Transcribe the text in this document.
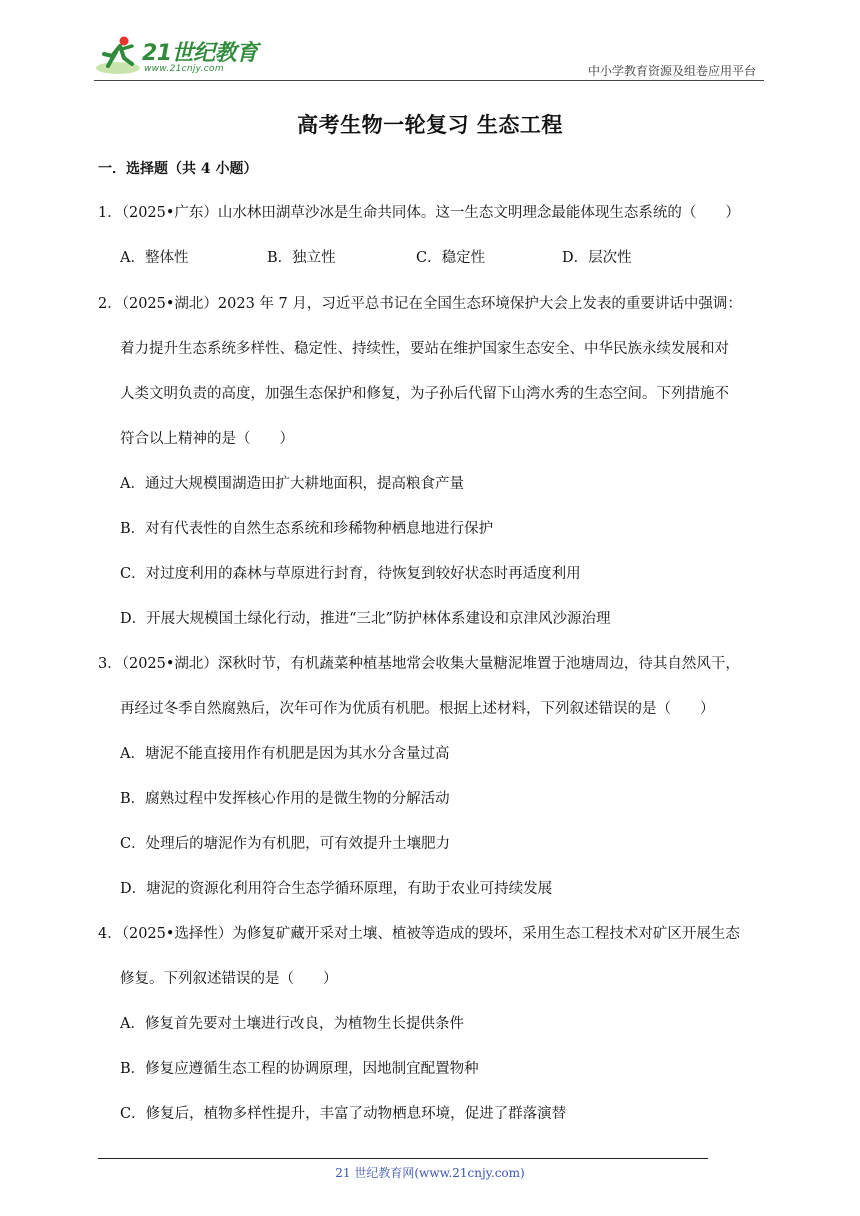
21世纪教育
www.21cnjy.com	中小学教育资源及组卷应用平台
高考生物一轮复习 生态工程
一．选择题（共 4 小题）
1．（2025•广东）山水林田湖草沙冰是生命共同体。这一生态文明理念最能体现生态系统的（　　）
A．整体性	B．独立性	C．稳定性	D．层次性
2．（2025•湖北）2023 年 7 月，习近平总书记在全国生态环境保护大会上发表的重要讲话中强调：
着力提升生态系统多样性、稳定性、持续性，要站在维护国家生态安全、中华民族永续发展和对
人类文明负责的高度，加强生态保护和修复，为子孙后代留下山湾水秀的生态空间。下列措施不
符合以上精神的是（　　）
A．通过大规模围湖造田扩大耕地面积，提高粮食产量
B．对有代表性的自然生态系统和珍稀物种栖息地进行保护
C．对过度利用的森林与草原进行封育，待恢复到较好状态时再适度利用
D．开展大规模国土绿化行动，推进“三北”防护林体系建设和京津风沙源治理
3．（2025•湖北）深秋时节，有机蔬菜种植基地常会收集大量糖泥堆置于池塘周边，待其自然风干，
再经过冬季自然腐熟后，次年可作为优质有机肥。根据上述材料，下列叙述错误的是（　　）
A．塘泥不能直接用作有机肥是因为其水分含量过高
B．腐熟过程中发挥核心作用的是微生物的分解活动
C．处理后的塘泥作为有机肥，可有效提升土壤肥力
D．塘泥的资源化利用符合生态学循环原理，有助于农业可持续发展
4．（2025•选择性）为修复矿藏开采对土壤、植被等造成的毁坏，采用生态工程技术对矿区开展生态
修复。下列叙述错误的是（　　）
A．修复首先要对土壤进行改良，为植物生长提供条件
B．修复应遵循生态工程的协调原理，因地制宜配置物种
C．修复后，植物多样性提升，丰富了动物栖息环境，促进了群落演替
21 世纪教育网(www.21cnjy.com)
